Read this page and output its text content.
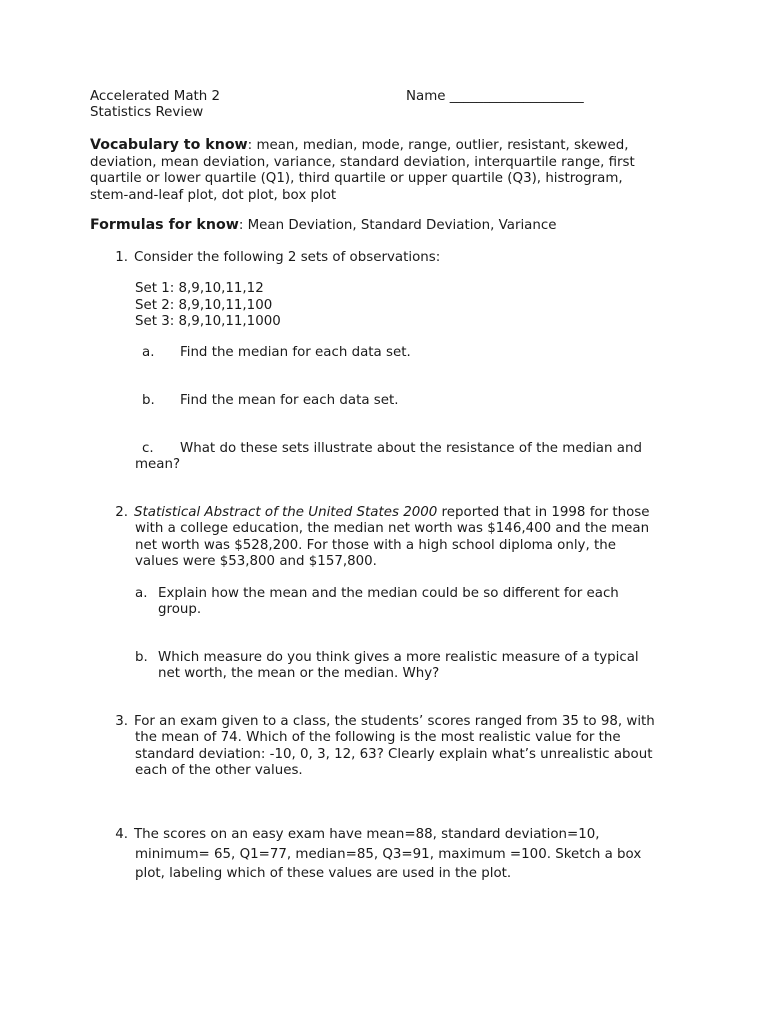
Accelerated Math 2	Name ____________________
Statistics Review
Vocabulary to know: mean, median, mode, range, outlier, resistant, skewed,
deviation, mean deviation, variance, standard deviation, interquartile range, first
quartile or lower quartile (Q1), third quartile or upper quartile (Q3), histrogram,
stem-and-leaf plot, dot plot, box plot
Formulas for know: Mean Deviation, Standard Deviation, Variance
1. Consider the following 2 sets of observations:
Set 1: 8,9,10,11,12
Set 2: 8,9,10,11,100
Set 3: 8,9,10,11,1000
a. Find the median for each data set.
b. Find the mean for each data set.
c. What do these sets illustrate about the resistance of the median and
mean?
2. Statistical Abstract of the United States 2000 reported that in 1998 for those
with a college education, the median net worth was $146,400 and the mean
net worth was $528,200. For those with a high school diploma only, the
values were $53,800 and $157,800.
a. Explain how the mean and the median could be so different for each
group.
b. Which measure do you think gives a more realistic measure of a typical
net worth, the mean or the median. Why?
3. For an exam given to a class, the students’ scores ranged from 35 to 98, with
the mean of 74. Which of the following is the most realistic value for the
standard deviation: -10, 0, 3, 12, 63? Clearly explain what’s unrealistic about
each of the other values.
4. The scores on an easy exam have mean=88, standard deviation=10,
minimum= 65, Q1=77, median=85, Q3=91, maximum =100. Sketch a box
plot, labeling which of these values are used in the plot.
